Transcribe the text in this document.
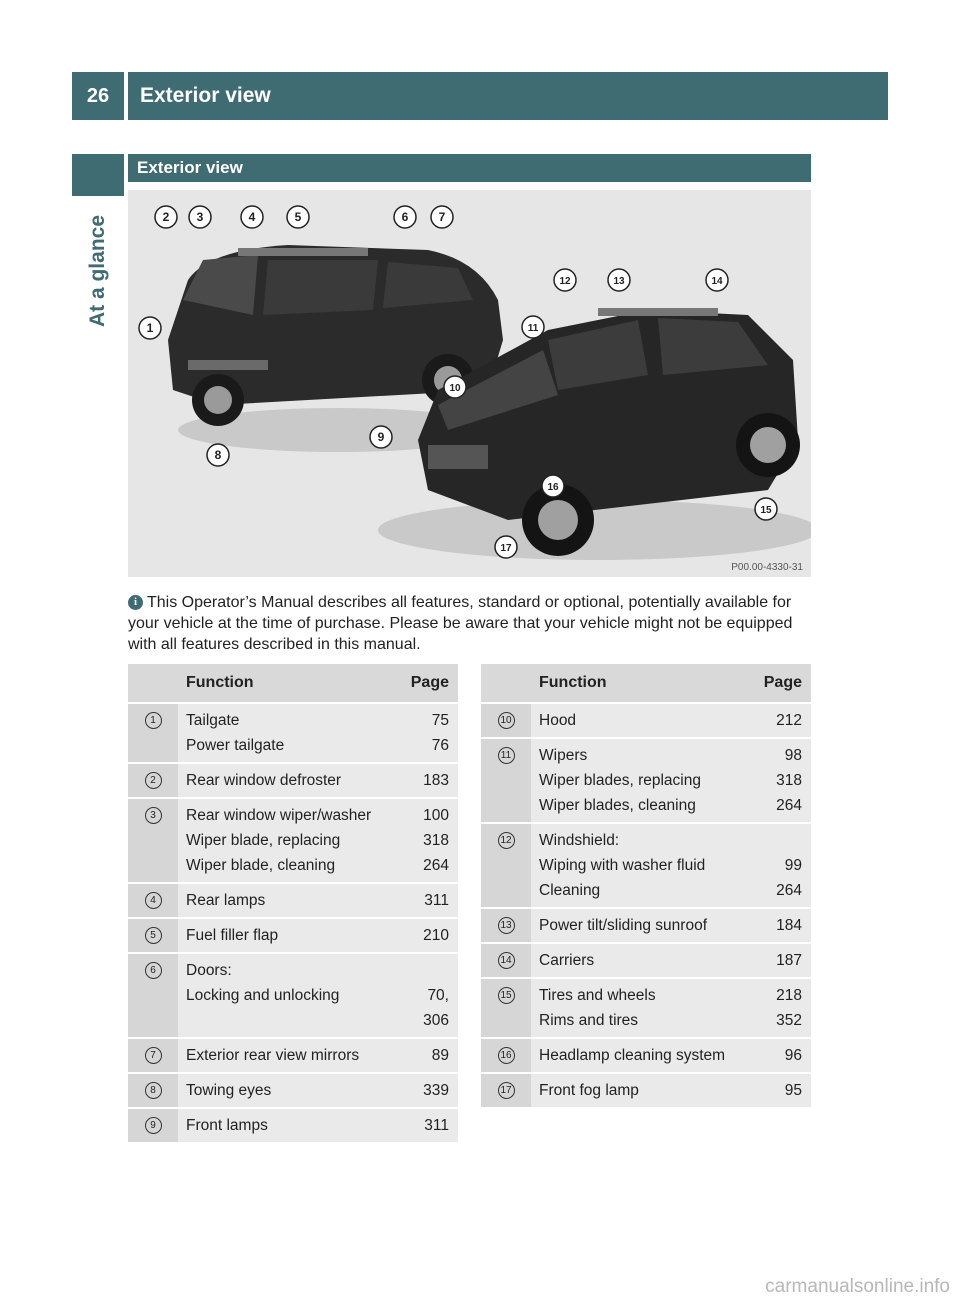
26	Exterior view
At a glance
Exterior view
P00.00-4330-31
1
2 3	4	5	6	7
8
9
10
11
12	13	14
15
16
17
i This Operator’s Manual describes all features, standard or optional, potentially available for your vehicle at the time of purchase. Please be aware that your vehicle might not be equipped with all features described in this manual.
Function	Page
1	Tailgate	75
Power tailgate	76
2	Rear window defroster	183
3	Rear window wiper/washer	100
Wiper blade, replacing	318
Wiper blade, cleaning	264
4	Rear lamps	311
5	Fuel filler flap	210
6	Doors:
Locking and unlocking	70,
306
7	Exterior rear view mirrors	89
8	Towing eyes	339
9	Front lamps	311
Function	Page
10	Hood	212
11	Wipers	98
Wiper blades, replacing	318
Wiper blades, cleaning	264
12	Windshield:
Wiping with washer fluid	99
Cleaning	264
13	Power tilt/sliding sunroof	184
14	Carriers	187
15	Tires and wheels	218
Rims and tires	352
16	Headlamp cleaning system	96
17	Front fog lamp	95
carmanualsonline.info
